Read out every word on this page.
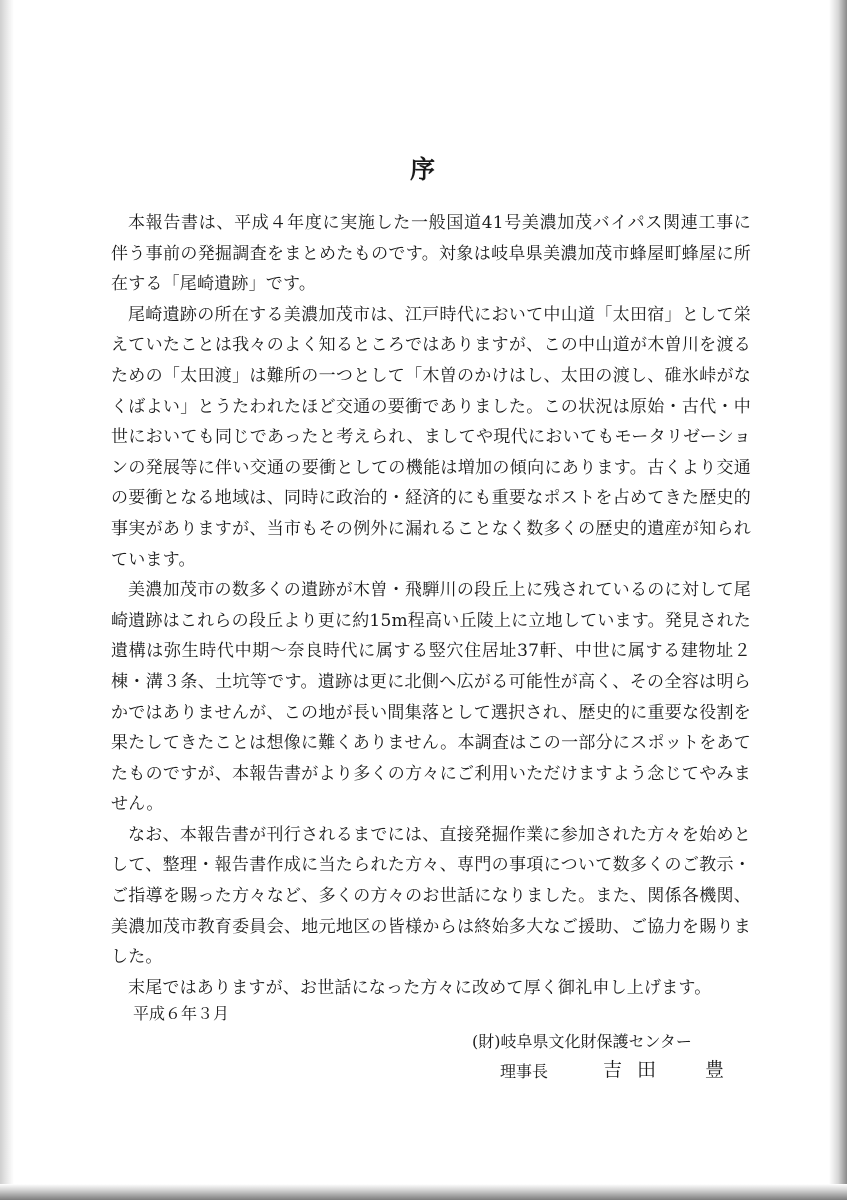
序

本報告書は、平成４年度に実施した一般国道41号美濃加茂バイパス関連工事に伴う事前の発掘調査をまとめたものです。対象は岐阜県美濃加茂市蜂屋町蜂屋に所在する「尾崎遺跡」です。

尾崎遺跡の所在する美濃加茂市は、江戸時代において中山道「太田宿」として栄えていたことは我々のよく知るところではありますが、この中山道が木曽川を渡るための「太田渡」は難所の一つとして「木曽のかけはし、太田の渡し、碓氷峠がなくばよい」とうたわれたほど交通の要衝でありました。この状況は原始・古代・中世においても同じであったと考えられ、ましてや現代においてもモータリゼーションの発展等に伴い交通の要衝としての機能は増加の傾向にあります。古くより交通の要衝となる地域は、同時に政治的・経済的にも重要なポストを占めてきた歴史的事実がありますが、当市もその例外に漏れることなく数多くの歴史的遺産が知られています。

美濃加茂市の数多くの遺跡が木曽・飛騨川の段丘上に残されているのに対して尾崎遺跡はこれらの段丘より更に約15m程高い丘陵上に立地しています。発見された遺構は弥生時代中期～奈良時代に属する竪穴住居址37軒、中世に属する建物址２棟・溝３条、土坑等です。遺跡は更に北側へ広がる可能性が高く、その全容は明らかではありませんが、この地が長い間集落として選択され、歴史的に重要な役割を果たしてきたことは想像に難くありません。本調査はこの一部分にスポットをあてたものですが、本報告書がより多くの方々にご利用いただけますよう念じてやみません。

なお、本報告書が刊行されるまでには、直接発掘作業に参加された方々を始めとして、整理・報告書作成に当たられた方々、専門の事項について数多くのご教示・ご指導を賜った方々など、多くの方々のお世話になりました。また、関係各機関、美濃加茂市教育委員会、地元地区の皆様からは終始多大なご援助、ご協力を賜りました。

末尾ではありますが、お世話になった方々に改めて厚く御礼申し上げます。

平成６年３月
(財)岐阜県文化財保護センター
理事長	吉田　豊
